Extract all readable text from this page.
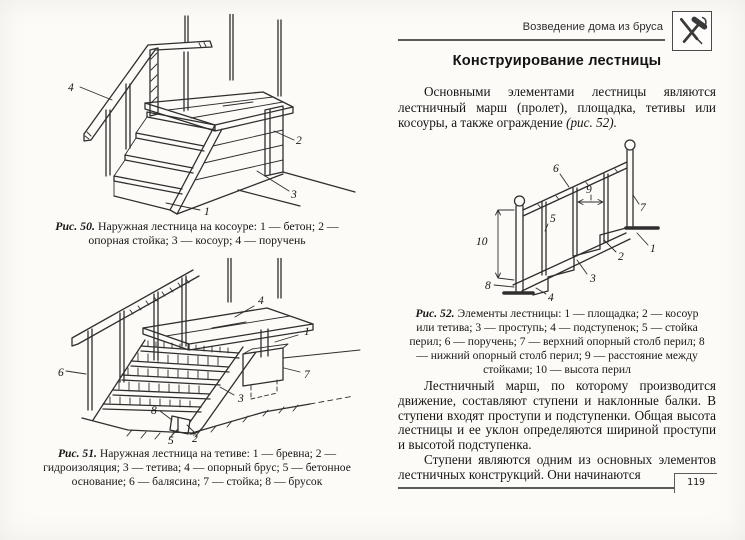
4
2
3
1
Рис. 50. Наружная лестница на косоуре: 1 — бетон; 2 — опорная стойка; 3 — косоур; 4 — поручень
6
4
1
7
3
8
5 2
Рис. 51. Наружная лестница на тетиве: 1 — бревна; 2 — гидроизоляция; 3 — тетива; 4 — опорный брус; 5 — бетонное основание; 6 — балясина; 7 — стойка; 8 — брусок
Возведение дома из бруса
Конструирование лестницы

Основными элементами лестницы являются лестничный марш (пролет), площадка, тетивы или косоуры, а также ограждение (рис. 52).

6
9
5
10
7
1
2
3
8
4
Рис. 52. Элементы лестницы: 1 — площадка; 2 — косоур или тетива; 3 — проступь; 4 — подступенок; 5 — стойка перил; 6 — поручень; 7 — верхний опорный столб перил; 8 — нижний опорный столб перил; 9 — расстояние между стойками; 10 — высота перил

Лестничный марш, по которому производится движение, составляют ступени и наклонные балки. В ступени входят проступи и подступенки. Общая высота лестницы и ее уклон определяются шириной проступи и высотой подступенка.

Ступени являются одним из основных элементов лестничных конструкций. Они начинаются

119
